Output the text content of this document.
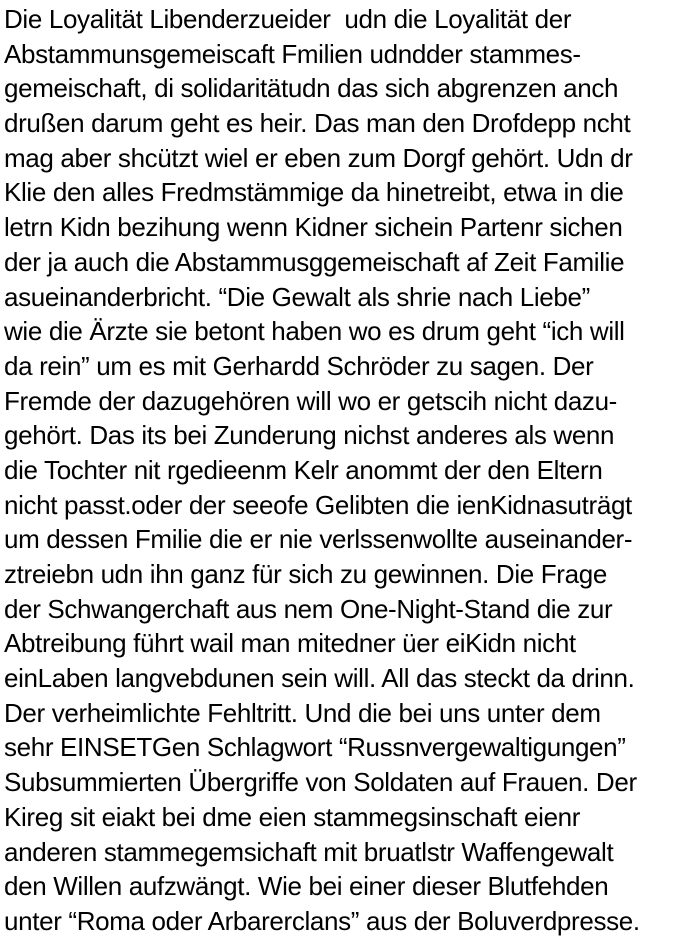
Die Loyalität Libenderzueider  udn die Loyalität der
Abstammunsgemeiscaft Fmilien udndder stammes-
gemeischaft, di solidaritätudn das sich abgrenzen anch
drußen darum geht es heir. Das man den Drofdepp ncht
mag aber shcützt wiel er eben zum Dorgf gehört. Udn dr
Klie den alles Fredmstämmige da hinetreibt, etwa in die
letrn Kidn bezihung wenn Kidner sichein Partenr sichen
der ja auch die Abstammusggemeischaft af Zeit Familie
asueinanderbricht. “Die Gewalt als shrie nach Liebe”
wie die Ärzte sie betont haben wo es drum geht “ich will
da rein” um es mit Gerhardd Schröder zu sagen. Der
Fremde der dazugehören will wo er getscih nicht dazu-
gehört. Das its bei Zunderung nichst anderes als wenn
die Tochter nit rgedieenm Kelr anommt der den Eltern
nicht passt.oder der seeofe Gelibten die ienKidnasuträgt
um dessen Fmilie die er nie verlssenwollte auseinander-
ztreiebn udn ihn ganz für sich zu gewinnen. Die Frage
der Schwangerchaft aus nem One-Night-Stand die zur
Abtreibung führt wail man mitedner üer eiKidn nicht
einLaben langvebdunen sein will. All das steckt da drinn.
Der verheimlichte Fehltritt. Und die bei uns unter dem
sehr EINSETGen Schlagwort “Russnvergewaltigungen”
Subsummierten Übergriffe von Soldaten auf Frauen. Der
Kireg sit eiakt bei dme eien stammegsinschaft eienr
anderen stammegemsichaft mit bruatlstr Waffengewalt
den Willen aufzwängt. Wie bei einer dieser Blutfehden
unter “Roma oder Arbarerclans” aus der Boluverdpresse.
